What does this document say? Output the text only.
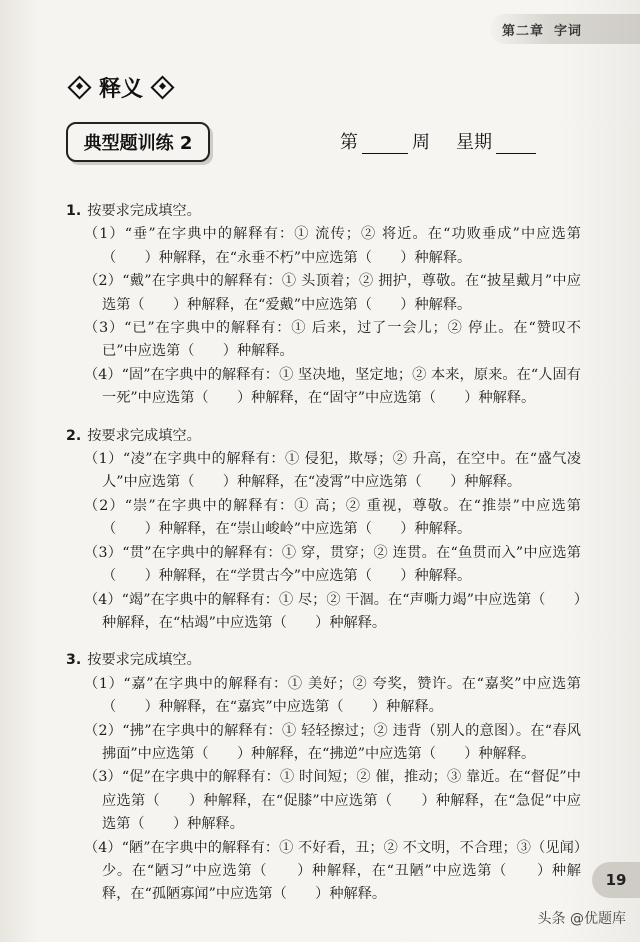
第二章 字词
释义
典型题训练 2	第	周 星期
1. 按要求完成填空。
（1）“垂”在字典中的解释有：① 流传；② 将近。在“功败垂成”中应选第（　　）种解释，在“永垂不朽”中应选第（　　）种解释。
（2）“戴”在字典中的解释有：① 头顶着；② 拥护，尊敬。在“披星戴月”中应选第（　　）种解释，在“爱戴”中应选第（　　）种解释。
（3）“已”在字典中的解释有：① 后来，过了一会儿；② 停止。在“赞叹不已”中应选第（　　）种解释。
（4）“固”在字典中的解释有：① 坚决地，坚定地；② 本来，原来。在“人固有一死”中应选第（　　）种解释，在“固守”中应选第（　　）种解释。
2. 按要求完成填空。
（1）“凌”在字典中的解释有：① 侵犯，欺辱；② 升高，在空中。在“盛气凌人”中应选第（　　）种解释，在“凌霄”中应选第（　　）种解释。
（2）“崇”在字典中的解释有：① 高；② 重视，尊敬。在“推崇”中应选第（　　）种解释，在“崇山峻岭”中应选第（　　）种解释。
（3）“贯”在字典中的解释有：① 穿，贯穿；② 连贯。在“鱼贯而入”中应选第（　　）种解释，在“学贯古今”中应选第（　　）种解释。
（4）“竭”在字典中的解释有：① 尽；② 干涸。在“声嘶力竭”中应选第（　　）种解释，在“枯竭”中应选第（　　）种解释。
3. 按要求完成填空。
（1）“嘉”在字典中的解释有：① 美好；② 夸奖，赞许。在“嘉奖”中应选第（　　）种解释，在“嘉宾”中应选第（　　）种解释。
（2）“拂”在字典中的解释有：① 轻轻擦过；② 违背（别人的意图）。在“春风拂面”中应选第（　　）种解释，在“拂逆”中应选第（　　）种解释。
（3）“促”在字典中的解释有：① 时间短；② 催，推动；③ 靠近。在“督促”中应选第（　　）种解释，在“促膝”中应选第（　　）种解释，在“急促”中应选第（　　）种解释。
（4）“陋”在字典中的解释有：① 不好看，丑；② 不文明，不合理；③（见闻）少。在“陋习”中应选第（　　）种解释，在“丑陋”中应选第（　　）种解释，在“孤陋寡闻”中应选第（　　）种解释。
19
头条 @优题库
